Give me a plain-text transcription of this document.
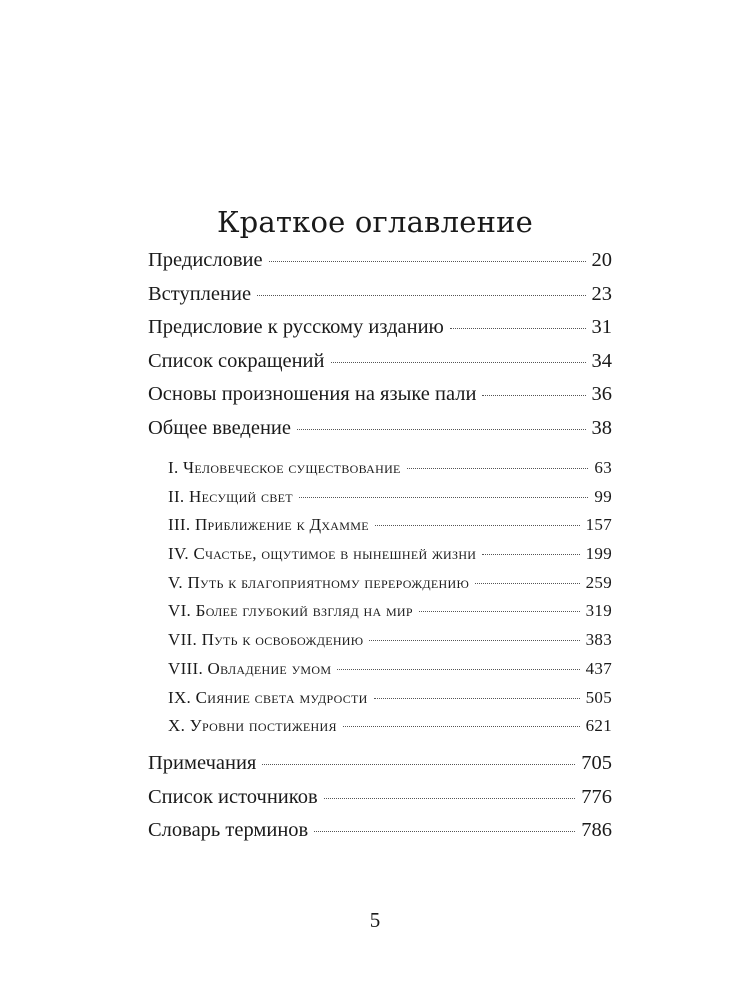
Краткое оглавление
Предисловие	20
Вступление	23
Предисловие к русскому изданию	31
Список сокращений	34
Основы произношения на языке пали	36
Общее введение	38
I. Человеческое существование	63
II. Несущий свет	99
III. Приближение к Дхамме	157
IV. Счастье, ощутимое в нынешней жизни	199
V. Путь к благоприятному перерождению	259
VI. Более глубокий взгляд на мир	319
VII. Путь к освобождению	383
VIII. Овладение умом	437
IX. Сияние света мудрости	505
X. Уровни постижения	621
Примечания	705
Список источников	776
Словарь терминов	786
5
